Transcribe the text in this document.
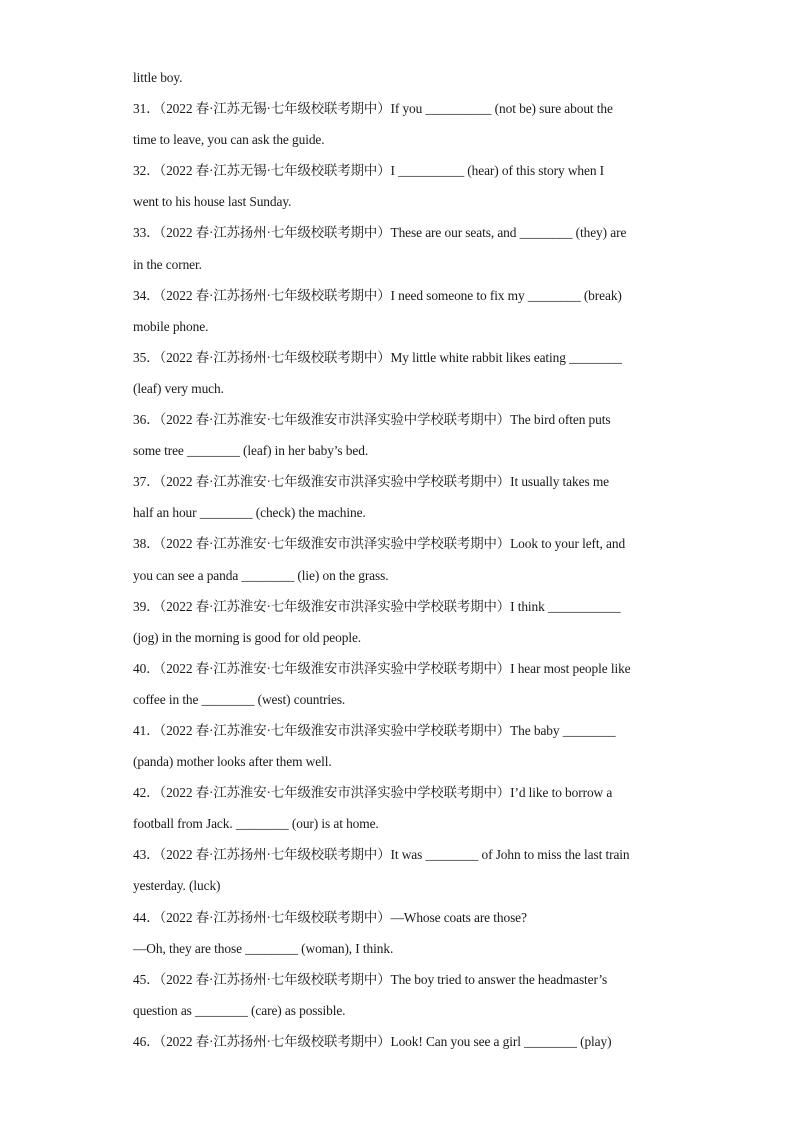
little boy.
31．（2022 春·江苏无锡·七年级校联考期中）If you __________ (not be) sure about the
time to leave, you can ask the guide.
32．（2022 春·江苏无锡·七年级校联考期中）I __________ (hear) of this story when I
went to his house last Sunday.
33．（2022 春·江苏扬州·七年级校联考期中）These are our seats, and ________ (they) are
in the corner.
34．（2022 春·江苏扬州·七年级校联考期中）I need someone to fix my ________ (break)
mobile phone.
35．（2022 春·江苏扬州·七年级校联考期中）My little white rabbit likes eating ________
(leaf) very much.
36．（2022 春·江苏淮安·七年级淮安市洪泽实验中学校联考期中）The bird often puts
some tree ________ (leaf) in her baby’s bed.
37．（2022 春·江苏淮安·七年级淮安市洪泽实验中学校联考期中）It usually takes me
half an hour ________ (check) the machine.
38．（2022 春·江苏淮安·七年级淮安市洪泽实验中学校联考期中）Look to your left, and
you can see a panda ________ (lie) on the grass.
39．（2022 春·江苏淮安·七年级淮安市洪泽实验中学校联考期中）I think ___________
(jog) in the morning is good for old people.
40．（2022 春·江苏淮安·七年级淮安市洪泽实验中学校联考期中）I hear most people like
coffee in the ________ (west) countries.
41．（2022 春·江苏淮安·七年级淮安市洪泽实验中学校联考期中）The baby ________
(panda) mother looks after them well.
42．（2022 春·江苏淮安·七年级淮安市洪泽实验中学校联考期中）I’d like to borrow a
football from Jack. ________ (our) is at home.
43．（2022 春·江苏扬州·七年级校联考期中）It was ________ of John to miss the last train
yesterday. (luck)
44．（2022 春·江苏扬州·七年级校联考期中）—Whose coats are those?
—Oh, they are those ________ (woman), I think.
45．（2022 春·江苏扬州·七年级校联考期中）The boy tried to answer the headmaster’s
question as ________ (care) as possible.
46．（2022 春·江苏扬州·七年级校联考期中）Look! Can you see a girl ________ (play)
